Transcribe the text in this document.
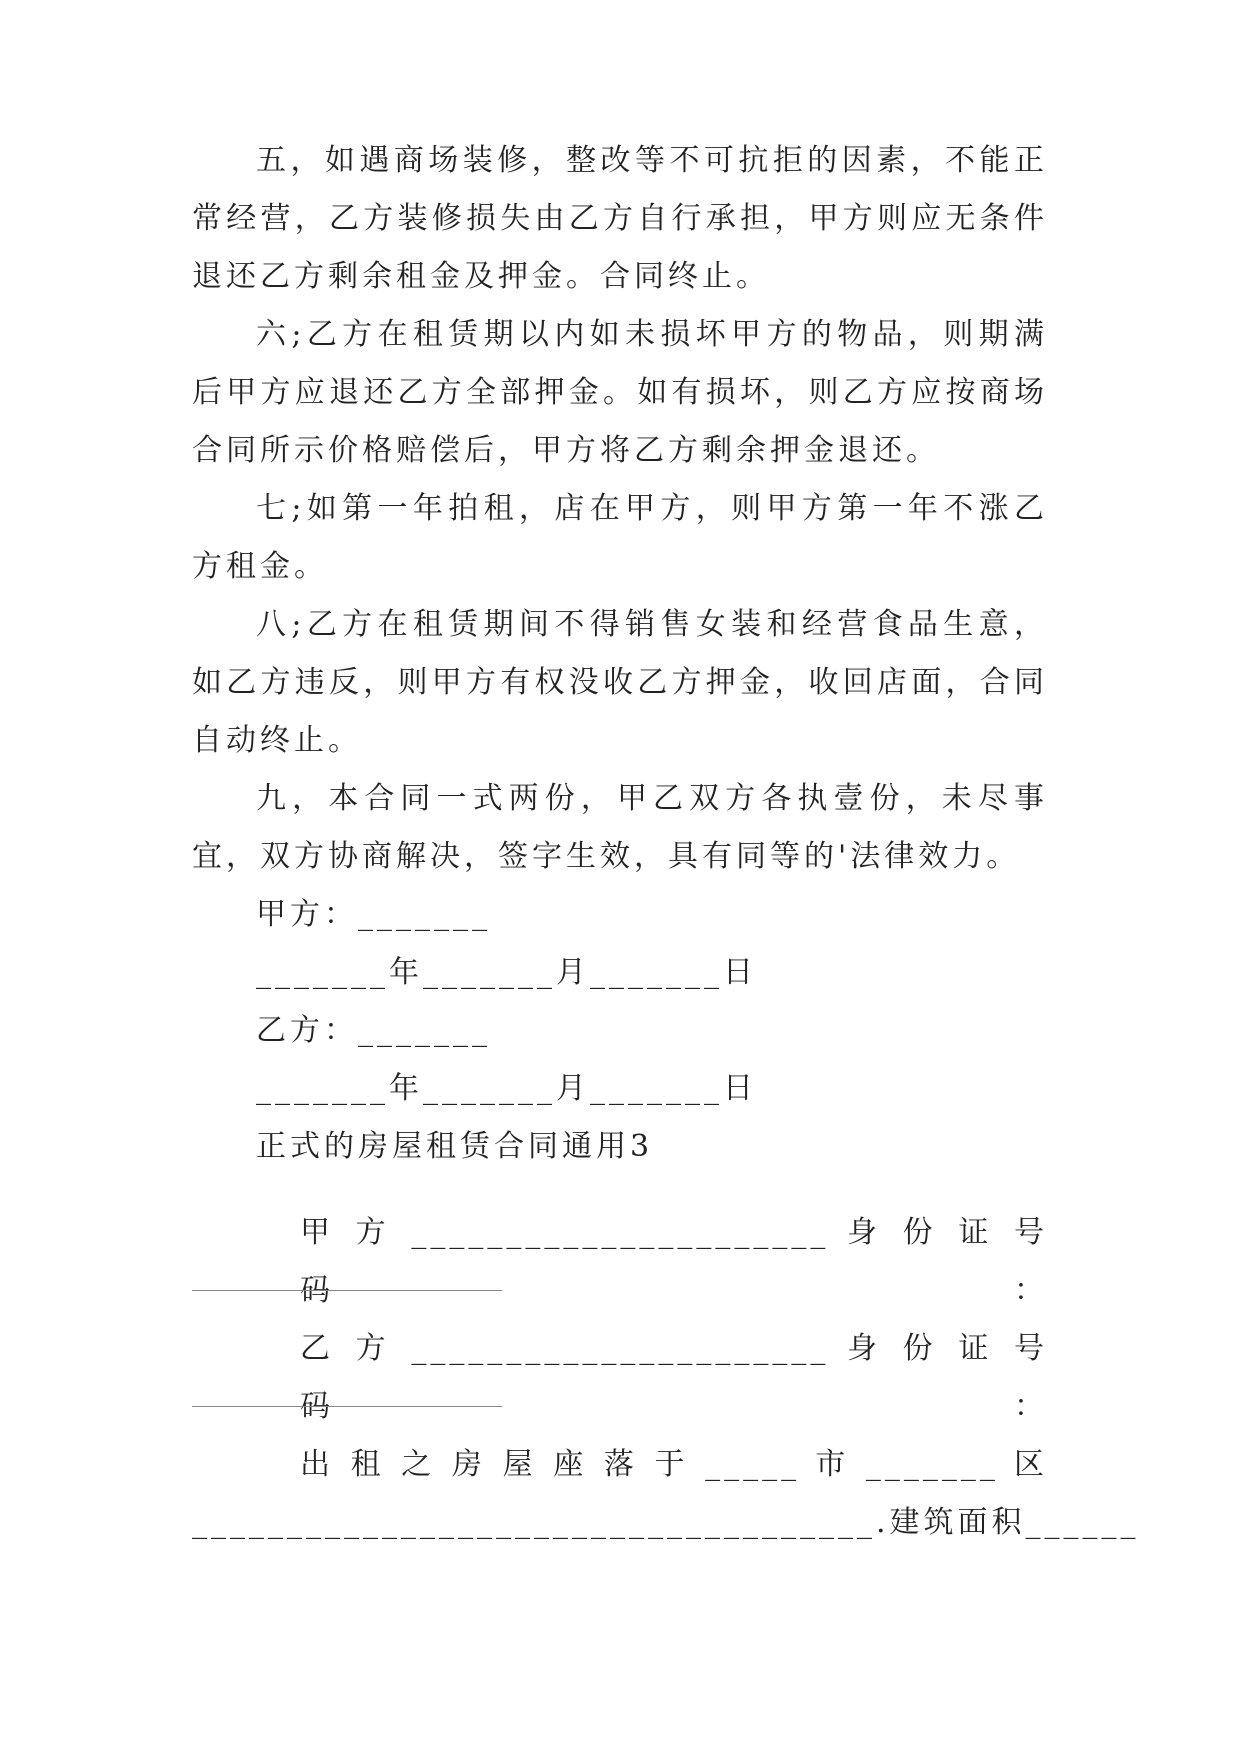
五，如遇商场装修，整改等不可抗拒的因素，不能正常经营，乙方装修损失由乙方自行承担，甲方则应无条件退还乙方剩余租金及押金。合同终止。

六;乙方在租赁期以内如未损坏甲方的物品，则期满后甲方应退还乙方全部押金。如有损坏，则乙方应按商场合同所示价格赔偿后，甲方将乙方剩余押金退还。

七;如第一年拍租，店在甲方，则甲方第一年不涨乙方租金。

八;乙方在租赁期间不得销售女装和经营食品生意，如乙方违反，则甲方有权没收乙方押金，收回店面，合同自动终止。

九，本合同一式两份，甲乙双方各执壹份，未尽事宜，双方协商解决，签字生效，具有同等的'法律效力。

甲方：_______

_______年_______月_______日

乙方：_______

_______年_______月_______日

正式的房屋租赁合同通用3

甲 方 ______________________ 身 份 证 号 码 ：

乙 方 ______________________ 身 份 证 号 码 ：

出 租 之 房 屋 座 落 于 _____ 市 _______ 区

____________________________________.建筑面积______
